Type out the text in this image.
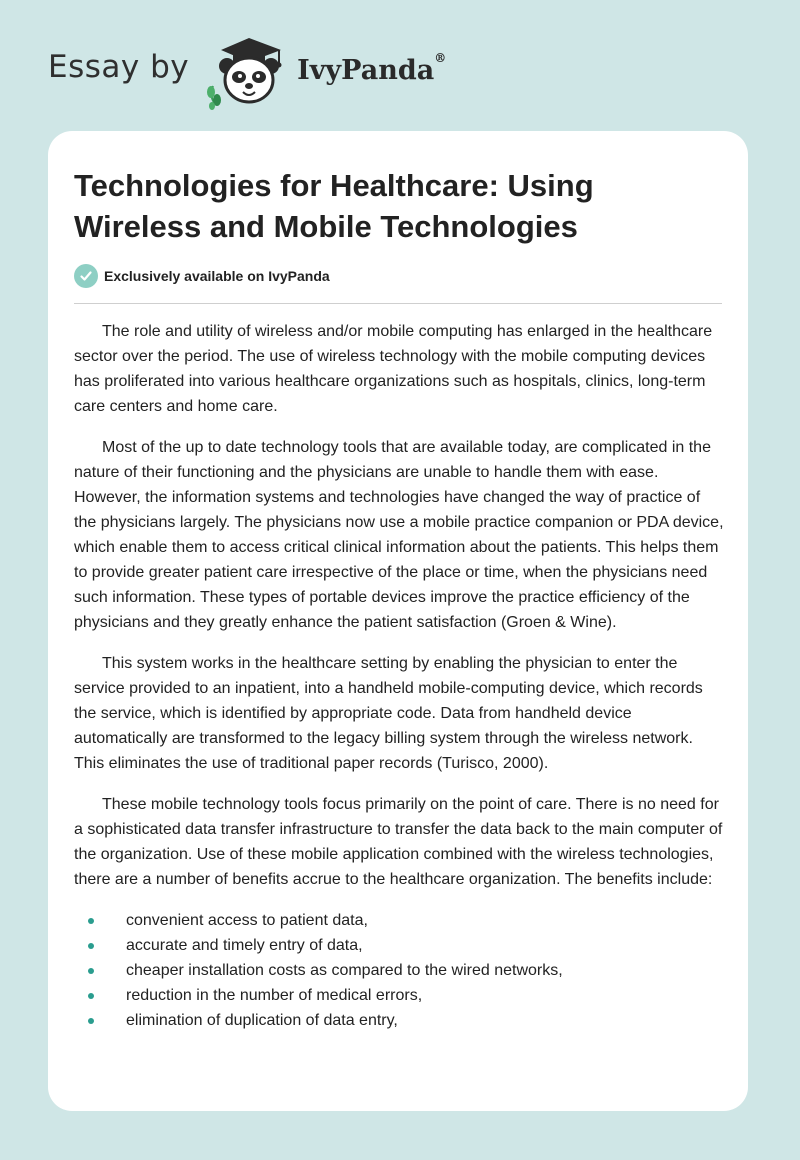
Essay by	IvyPanda®
Technologies for Healthcare: Using Wireless and Mobile Technologies
Exclusively available on IvyPanda

The role and utility of wireless and/or mobile computing has enlarged in the healthcare sector over the period. The use of wireless technology with the mobile computing devices has proliferated into various healthcare organizations such as hospitals, clinics, long-term care centers and home care.

Most of the up to date technology tools that are available today, are complicated in the nature of their functioning and the physicians are unable to handle them with ease. However, the information systems and technologies have changed the way of practice of the physicians largely. The physicians now use a mobile practice companion or PDA device, which enable them to access critical clinical information about the patients. This helps them to provide greater patient care irrespective of the place or time, when the physicians need such information. These types of portable devices improve the practice efficiency of the physicians and they greatly enhance the patient satisfaction (Groen & Wine).

This system works in the healthcare setting by enabling the physician to enter the service provided to an inpatient, into a handheld mobile-computing device, which records the service, which is identified by appropriate code. Data from handheld device automatically are transformed to the legacy billing system through the wireless network. This eliminates the use of traditional paper records (Turisco, 2000).

These mobile technology tools focus primarily on the point of care. There is no need for a sophisticated data transfer infrastructure to transfer the data back to the main computer of the organization. Use of these mobile application combined with the wireless technologies, there are a number of benefits accrue to the healthcare organization. The benefits include:

convenient access to patient data,
accurate and timely entry of data,
cheaper installation costs as compared to the wired networks,
reduction in the number of medical errors,
elimination of duplication of data entry,
